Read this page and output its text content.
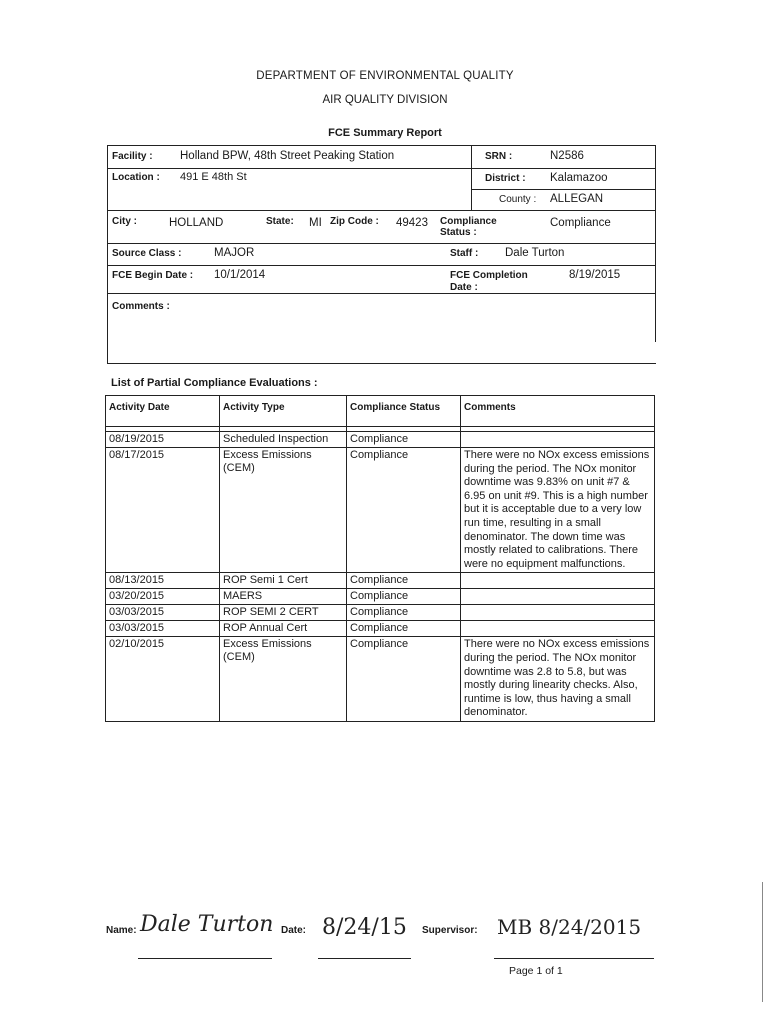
DEPARTMENT OF ENVIRONMENTAL QUALITY
AIR QUALITY DIVISION
FCE Summary Report
Facility : Holland BPW, 48th Street Peaking Station	SRN :	N2586
Location : 491 E 48th St	District : Kalamazoo
County : ALLEGAN
City :	HOLLAND	State: MI Zip Code : 49423 Compliance Status :
Compliance
Source Class :	MAJOR	Staff : Dale Turton
FCE Begin Date : 10/1/2014	FCE Completion Date :
8/19/2015
Comments :
List of Partial Compliance Evaluations :
Activity Date	Activity Type	Compliance Status	Comments

08/19/2015	Scheduled Inspection	Compliance	
08/17/2015	Excess Emissions (CEM)	Compliance	There were no NOx excess emissions during the period. The NOx monitor downtime was 9.83% on unit #7 & 6.95 on unit #9. This is a high number but it is acceptable due to a very low run time, resulting in a small denominator. The down time was mostly related to calibrations. There were no equipment malfunctions.
08/13/2015	ROP Semi 1 Cert	Compliance	
03/20/2015	MAERS	Compliance	
03/03/2015	ROP SEMI 2 CERT	Compliance	
03/03/2015	ROP Annual Cert	Compliance	
02/10/2015	Excess Emissions (CEM)	Compliance	There were no NOx excess emissions during the period. The NOx monitor downtime was 2.8 to 5.8, but was mostly during linearity checks. Also, runtime is low, thus having a small denominator.
Name: Dale Turton Date: 8/24/15 Supervisor: MB 8/24/2015
Page 1 of 1
